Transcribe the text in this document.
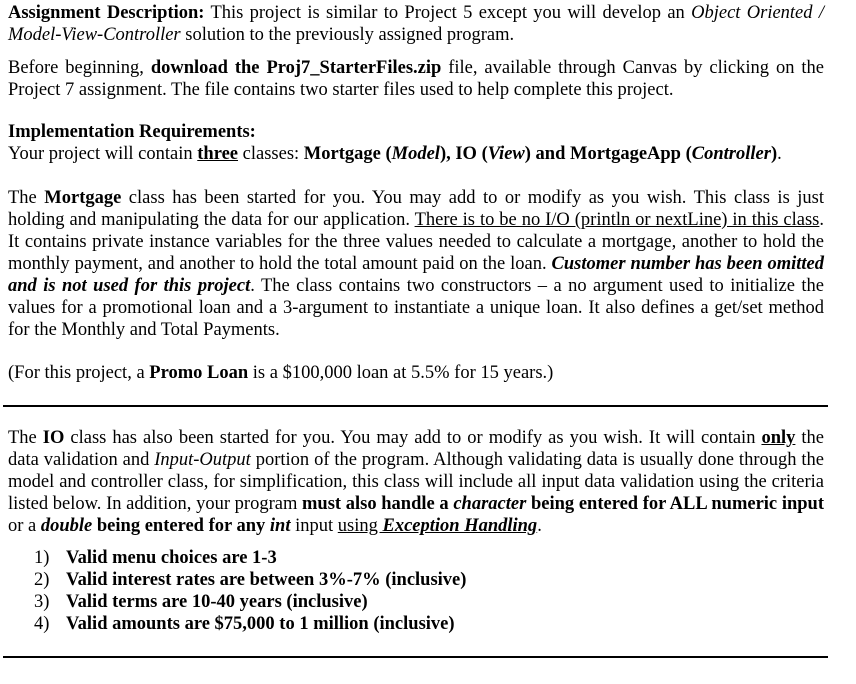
Assignment Description: This project is similar to Project 5 except you will develop an Object Oriented / Model-View-Controller solution to the previously assigned program.

Before beginning, download the Proj7_StarterFiles.zip file, available through Canvas by clicking on the Project 7 assignment. The file contains two starter files used to help complete this project.

Implementation Requirements:

Your project will contain three classes: Mortgage (Model), IO (View) and MortgageApp (Controller).

The Mortgage class has been started for you. You may add to or modify as you wish. This class is just holding and manipulating the data for our application. There is to be no I/O (println or nextLine) in this class. It contains private instance variables for the three values needed to calculate a mortgage, another to hold the monthly payment, and another to hold the total amount paid on the loan. Customer number has been omitted and is not used for this project. The class contains two constructors – a no argument used to initialize the values for a promotional loan and a 3-argument to instantiate a unique loan. It also defines a get/set method for the Monthly and Total Payments.

(For this project, a Promo Loan is a $100,000 loan at 5.5% for 15 years.)

The IO class has also been started for you. You may add to or modify as you wish. It will contain only the data validation and Input-Output portion of the program. Although validating data is usually done through the model and controller class, for simplification, this class will include all input data validation using the criteria listed below. In addition, your program must also handle a character being entered for ALL numeric input or a double being entered for any int input using Exception Handling.

1) Valid menu choices are 1-3
2) Valid interest rates are between 3%-7% (inclusive)
3) Valid terms are 10-40 years (inclusive)
4) Valid amounts are $75,000 to 1 million (inclusive)
